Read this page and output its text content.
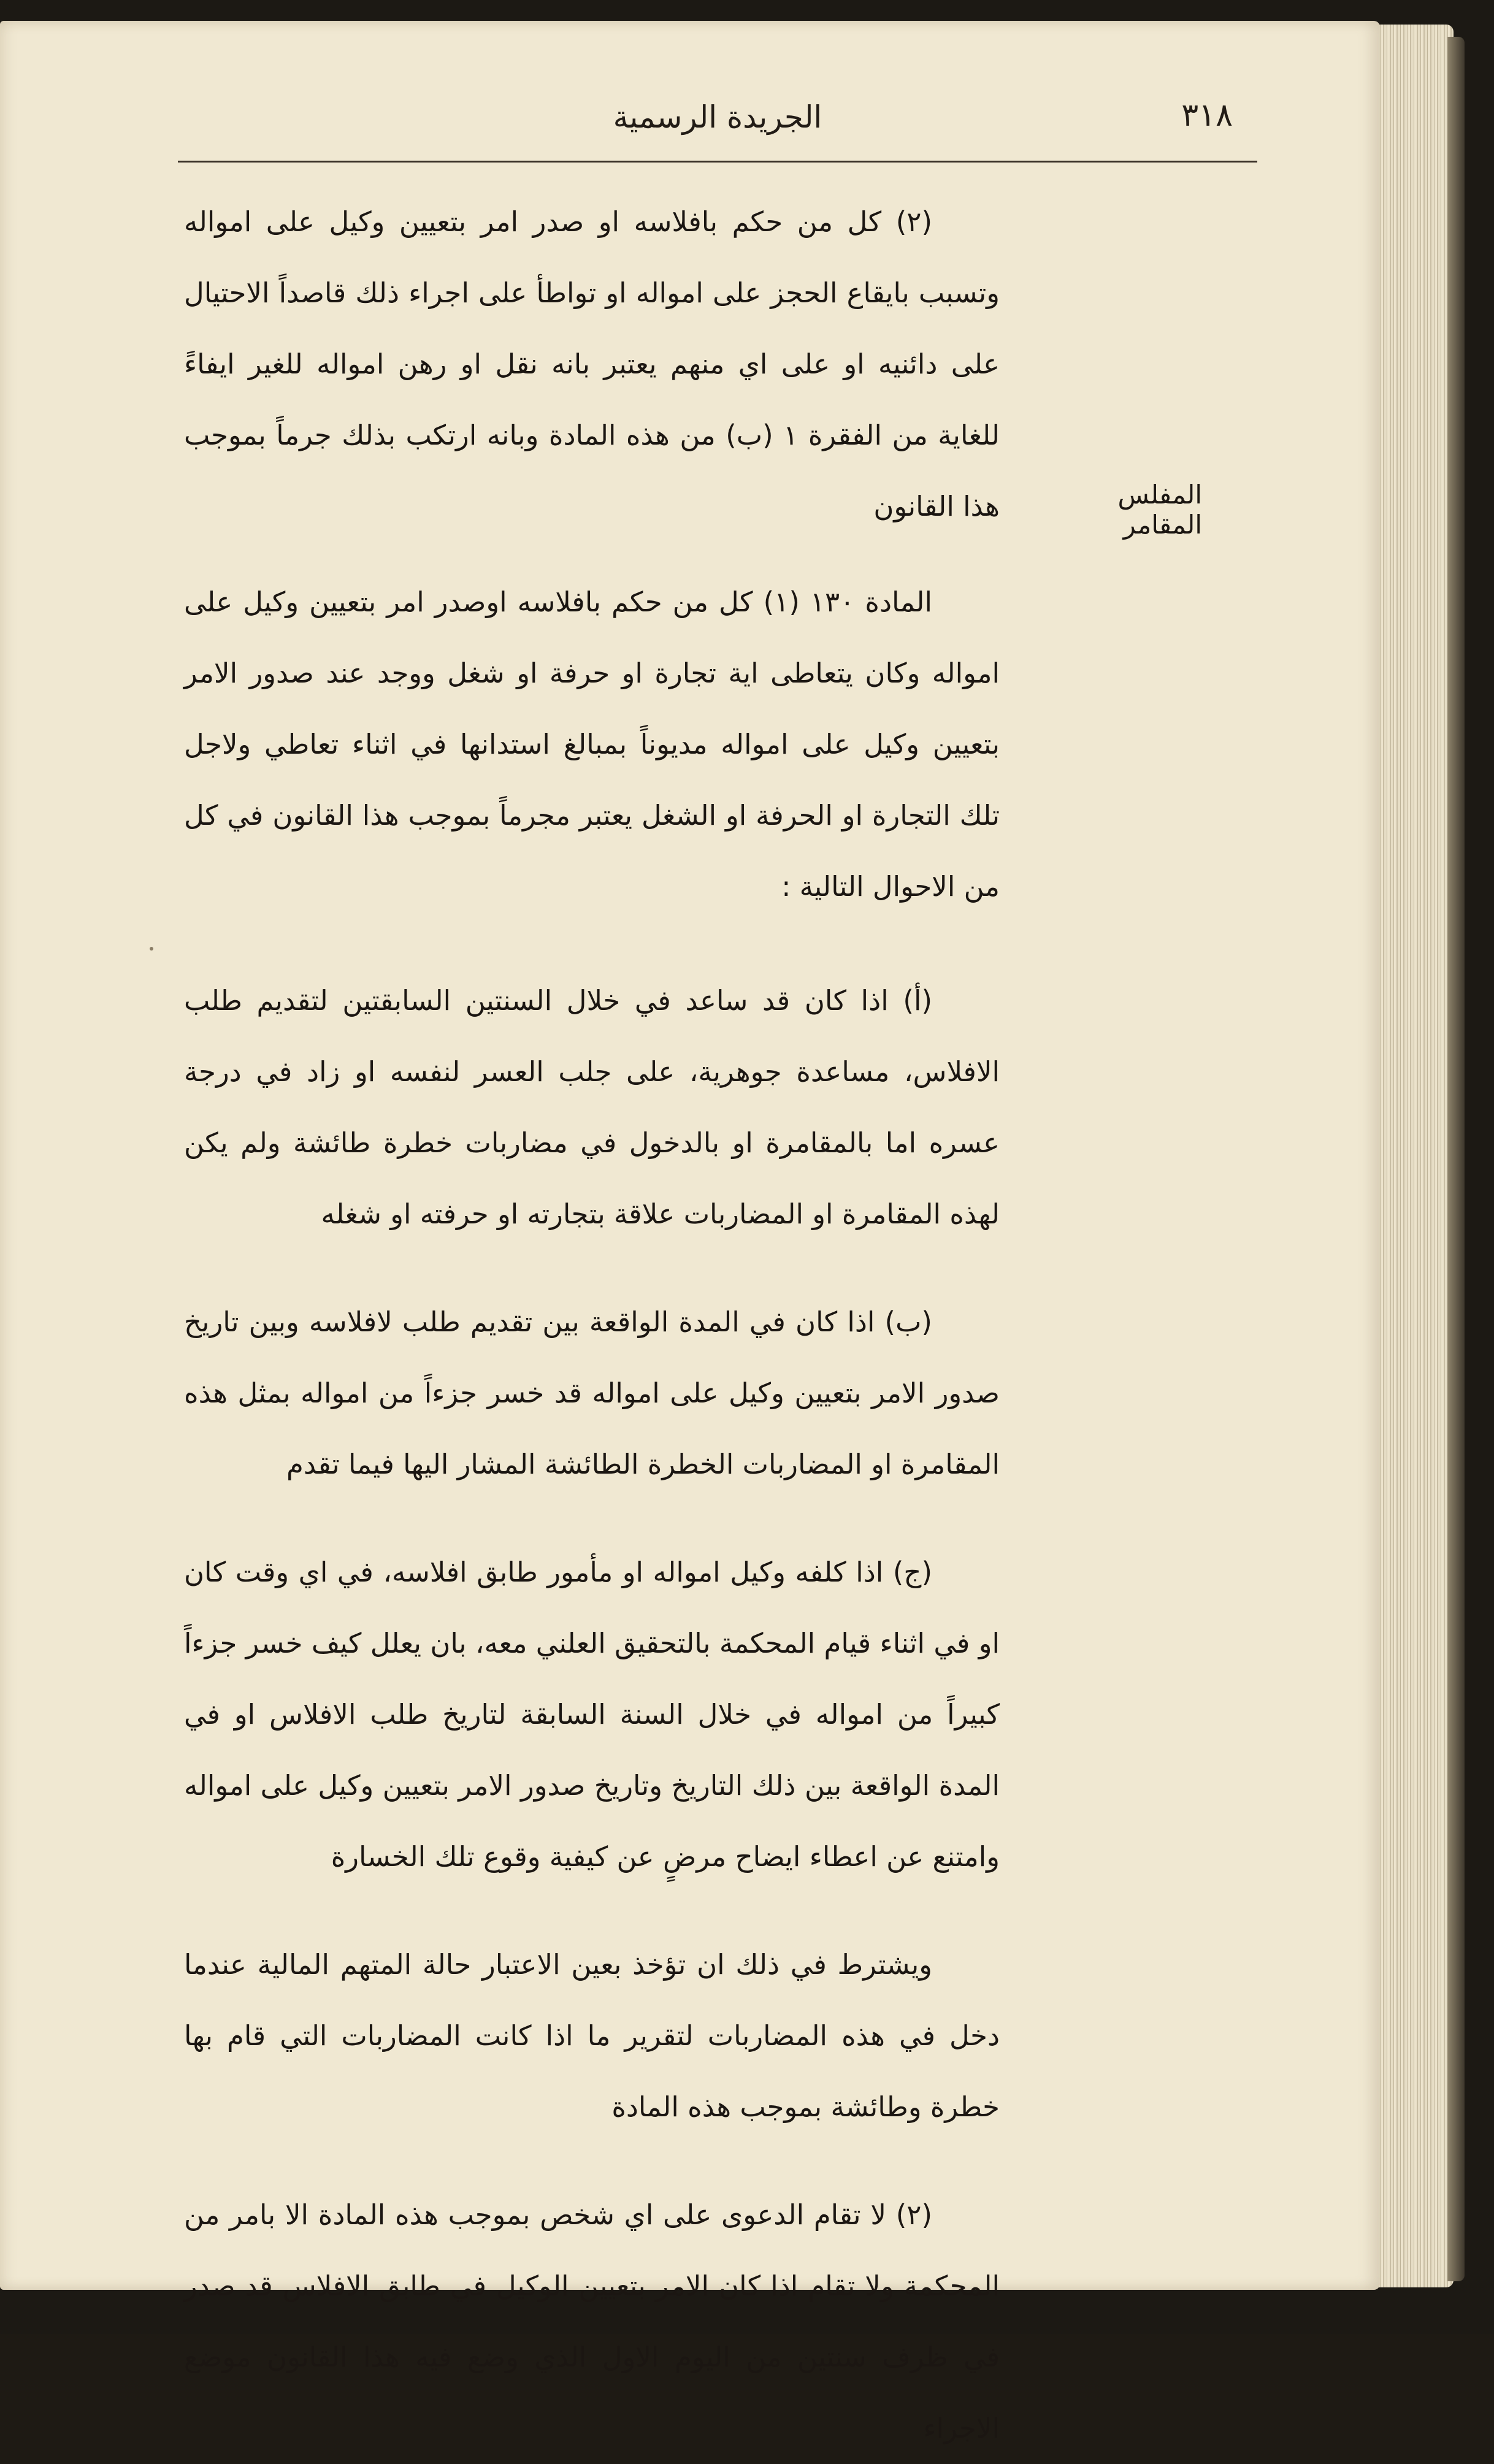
٣١٨
الجريدة الرسمية
المفلس المقامر

(٢) كل من حكم بافلاسه او صدر امر بتعيين وكيل على امواله وتسبب بايقاع الحجز على امواله او تواطأ على اجراء ذلك قاصداً الاحتيال على دائنيه او على اي منهم يعتبر بانه نقل او رهن امواله للغير ايفاءً للغاية من الفقرة ١ (ب) من هذه المادة وبانه ارتكب بذلك جرماً بموجب هذا القانون

المادة ١٣٠ (١) كل من حكم بافلاسه اوصدر امر بتعيين وكيل على امواله وكان يتعاطى اية تجارة او حرفة او شغل ووجد عند صدور الامر بتعيين وكيل على امواله مديوناً بمبالغ استدانها في اثناء تعاطي ولاجل تلك التجارة او الحرفة او الشغل يعتبر مجرماً بموجب هذا القانون في كل من الاحوال التالية :

(أ) اذا كان قد ساعد في خلال السنتين السابقتين لتقديم طلب الافلاس، مساعدة جوهرية، على جلب العسر لنفسه او زاد في درجة عسره اما بالمقامرة او بالدخول في مضاربات خطرة طائشة ولم يكن لهذه المقامرة او المضاربات علاقة بتجارته او حرفته او شغله

(ب) اذا كان في المدة الواقعة بين تقديم طلب لافلاسه وبين تاريخ صدور الامر بتعيين وكيل على امواله قد خسر جزءاً من امواله بمثل هذه المقامرة او المضاربات الخطرة الطائشة المشار اليها فيما تقدم

(ج) اذا كلفه وكيل امواله او مأمور طابق افلاسه، في اي وقت كان او في اثناء قيام المحكمة بالتحقيق العلني معه، بان يعلل كيف خسر جزءاً كبيراً من امواله في خلال السنة السابقة لتاريخ طلب الافلاس او في المدة الواقعة بين ذلك التاريخ وتاريخ صدور الامر بتعيين وكيل على امواله وامتنع عن اعطاء ايضاح مرضٍ عن كيفية وقوع تلك الخسارة

ويشترط في ذلك ان تؤخذ بعين الاعتبار حالة المتهم المالية عندما دخل في هذه المضاربات لتقرير ما اذا كانت المضاربات التي قام بها خطرة وطائشة بموجب هذه المادة

(٢) لا تقام الدعوى على اي شخص بموجب هذه المادة الا بامر من المحكمة ولا تقام اذا كان الامر بتعيين الوكيل في طابق الافلاس قد صدر في ظرف سنتين من اليوم الاول الذي وضع فيه هذا القانون موضع الاجراء
